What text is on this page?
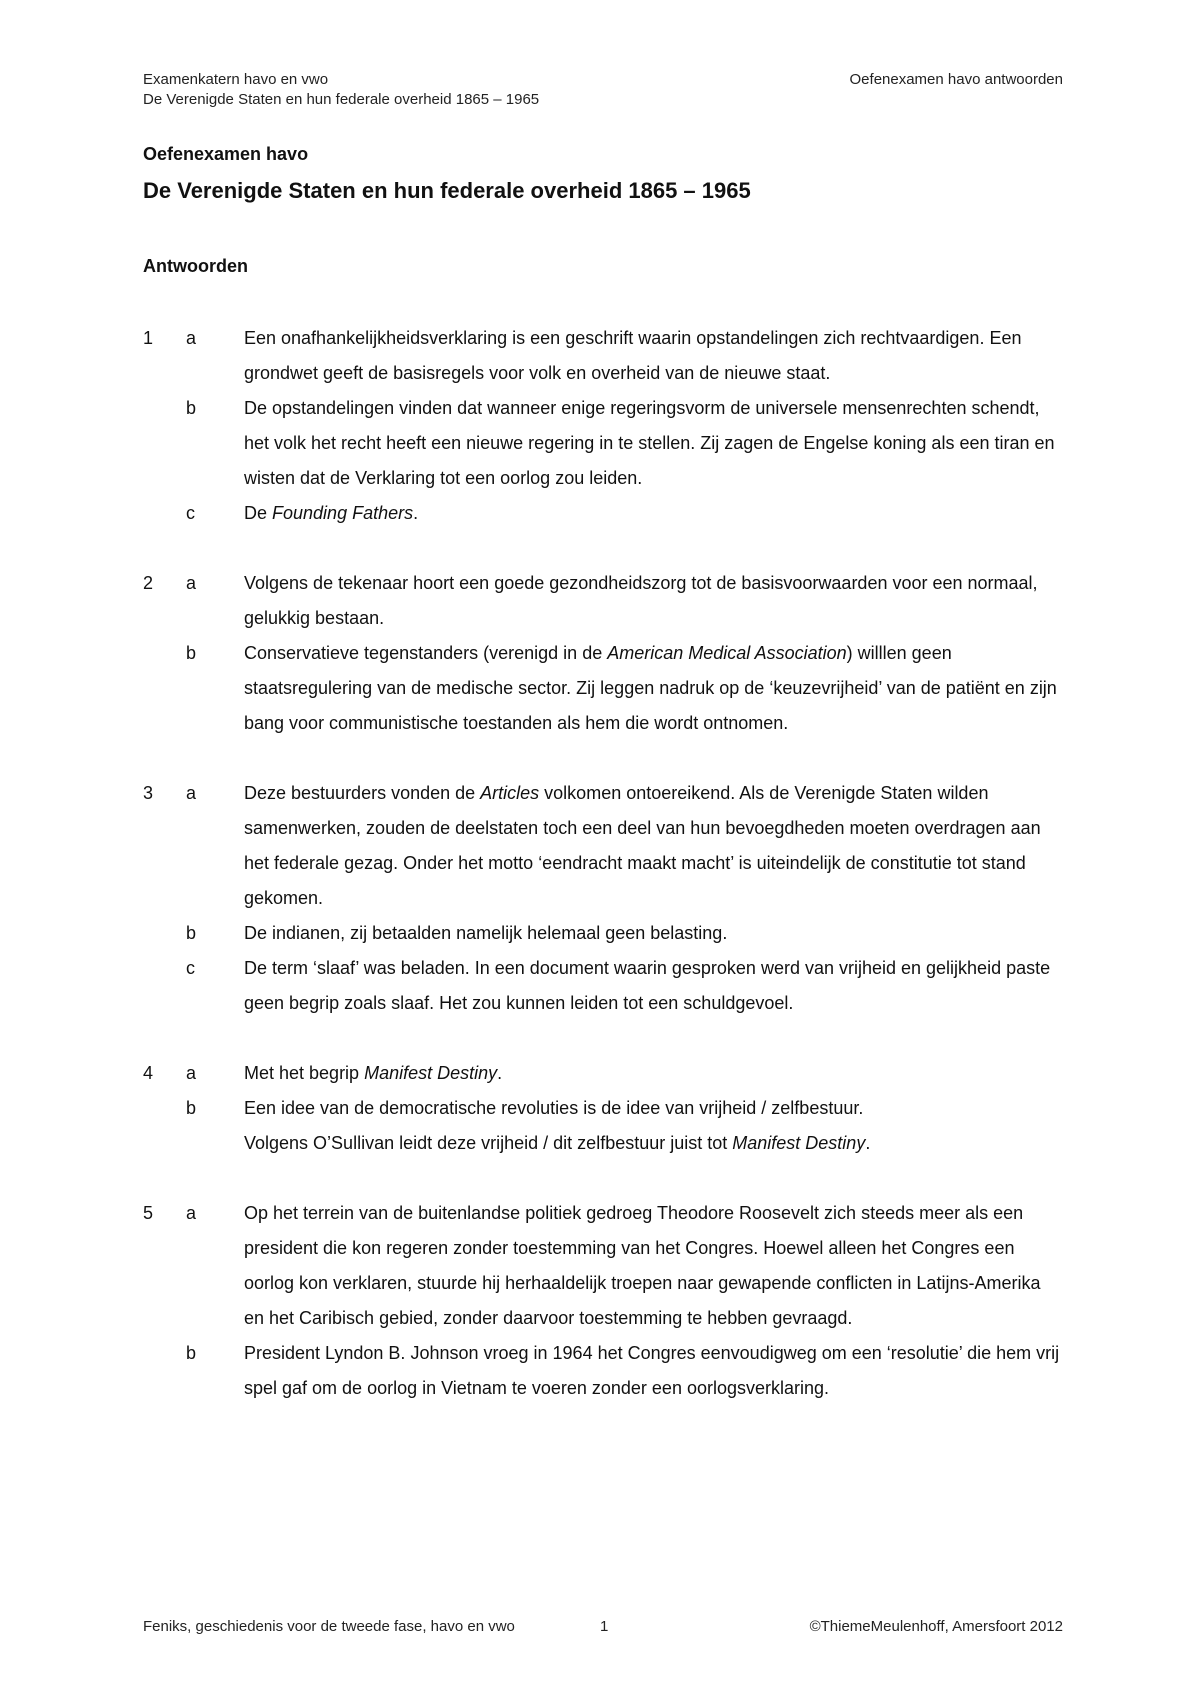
Examenkatern havo en vwo
De Verenigde Staten en hun federale overheid 1865 – 1965
Oefenexamen havo antwoorden

Oefenexamen havo

De Verenigde Staten en hun federale overheid 1865 – 1965

Antwoorden

1	a	Een onafhankelijkheidsverklaring is een geschrift waarin opstandelingen zich rechtvaardigen. Een grondwet geeft de basisregels voor volk en overheid van de nieuwe staat.
b	De opstandelingen vinden dat wanneer enige regeringsvorm de universele mensenrechten schendt, het volk het recht heeft een nieuwe regering in te stellen. Zij zagen de Engelse koning als een tiran en wisten dat de Verklaring tot een oorlog zou leiden.
c	De Founding Fathers.
2	a	Volgens de tekenaar hoort een goede gezondheidszorg tot de basisvoorwaarden voor een normaal, gelukkig bestaan.
b	Conservatieve tegenstanders (verenigd in de American Medical Association) willlen geen staatsregulering van de medische sector. Zij leggen nadruk op de ‘keuzevrijheid’ van de patiënt en zijn bang voor communistische toestanden als hem die wordt ontnomen.
3	a	Deze bestuurders vonden de Articles volkomen ontoereikend. Als de Verenigde Staten wilden samenwerken, zouden de deelstaten toch een deel van hun bevoegdheden moeten overdragen aan het federale gezag. Onder het motto ‘eendracht maakt macht’ is uiteindelijk de constitutie tot stand gekomen.
b	De indianen, zij betaalden namelijk helemaal geen belasting.
c	De term ‘slaaf’ was beladen. In een document waarin gesproken werd van vrijheid en gelijkheid paste geen begrip zoals slaaf. Het zou kunnen leiden tot een schuldgevoel.
4	a	Met het begrip Manifest Destiny.
b	Een idee van de democratische revoluties is de idee van vrijheid / zelfbestuur.
Volgens O’Sullivan leidt deze vrijheid / dit zelfbestuur juist tot Manifest Destiny.
5	a	Op het terrein van de buitenlandse politiek gedroeg Theodore Roosevelt zich steeds meer als een president die kon regeren zonder toestemming van het Congres. Hoewel alleen het Congres een oorlog kon verklaren, stuurde hij herhaaldelijk troepen naar gewapende conflicten in Latijns-Amerika en het Caribisch gebied, zonder daarvoor toestemming te hebben gevraagd.
b	President Lyndon B. Johnson vroeg in 1964 het Congres eenvoudigweg om een ‘resolutie’ die hem vrij spel gaf om de oorlog in Vietnam te voeren zonder een oorlogsverklaring.
Feniks, geschiedenis voor de tweede fase, havo en vwo	1	©ThiemeMeulenhoff, Amersfoort 2012
